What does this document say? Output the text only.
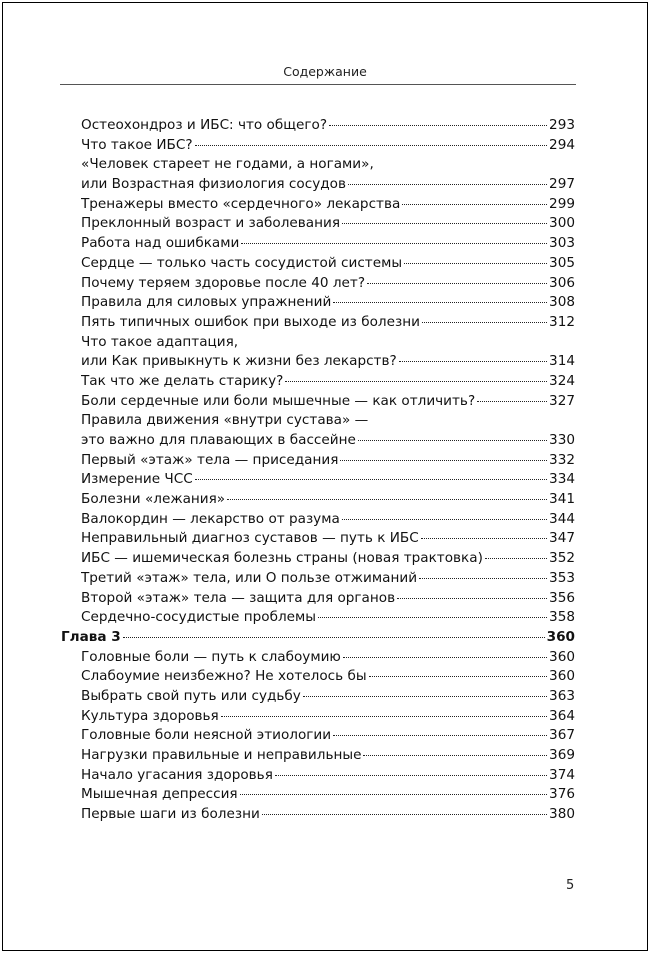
Содержание
Остеохондроз и ИБС: что общего?	293
Что такое ИБС?	294
«Человек стареет не годами, а ногами»,
или Возрастная физиология сосудов	297
Тренажеры вместо «сердечного» лекарства	299
Преклонный возраст и заболевания	300
Работа над ошибками	303
Сердце — только часть сосудистой системы	305
Почему теряем здоровье после 40 лет?	306
Правила для силовых упражнений	308
Пять типичных ошибок при выходе из болезни	312
Что такое адаптация,
или Как привыкнуть к жизни без лекарств?	314
Так что же делать старику?	324
Боли сердечные или боли мышечные — как отличить?	327
Правила движения «внутри сустава» —
это важно для плавающих в бассейне	330
Первый «этаж» тела — приседания	332
Измерение ЧСС	334
Болезни «лежания»	341
Валокордин — лекарство от разума	344
Неправильный диагноз суставов — путь к ИБС	347
ИБС — ишемическая болезнь страны (новая трактовка)	352
Третий «этаж» тела, или О пользе отжиманий	353
Второй «этаж» тела — защита для органов	356
Сердечно-сосудистые проблемы	358
Глава 3	360
Головные боли — путь к слабоумию	360
Слабоумие неизбежно? Не хотелось бы	360
Выбрать свой путь или судьбу	363
Культура здоровья	364
Головные боли неясной этиологии	367
Нагрузки правильные и неправильные	369
Начало угасания здоровья	374
Мышечная депрессия	376
Первые шаги из болезни	380
5
